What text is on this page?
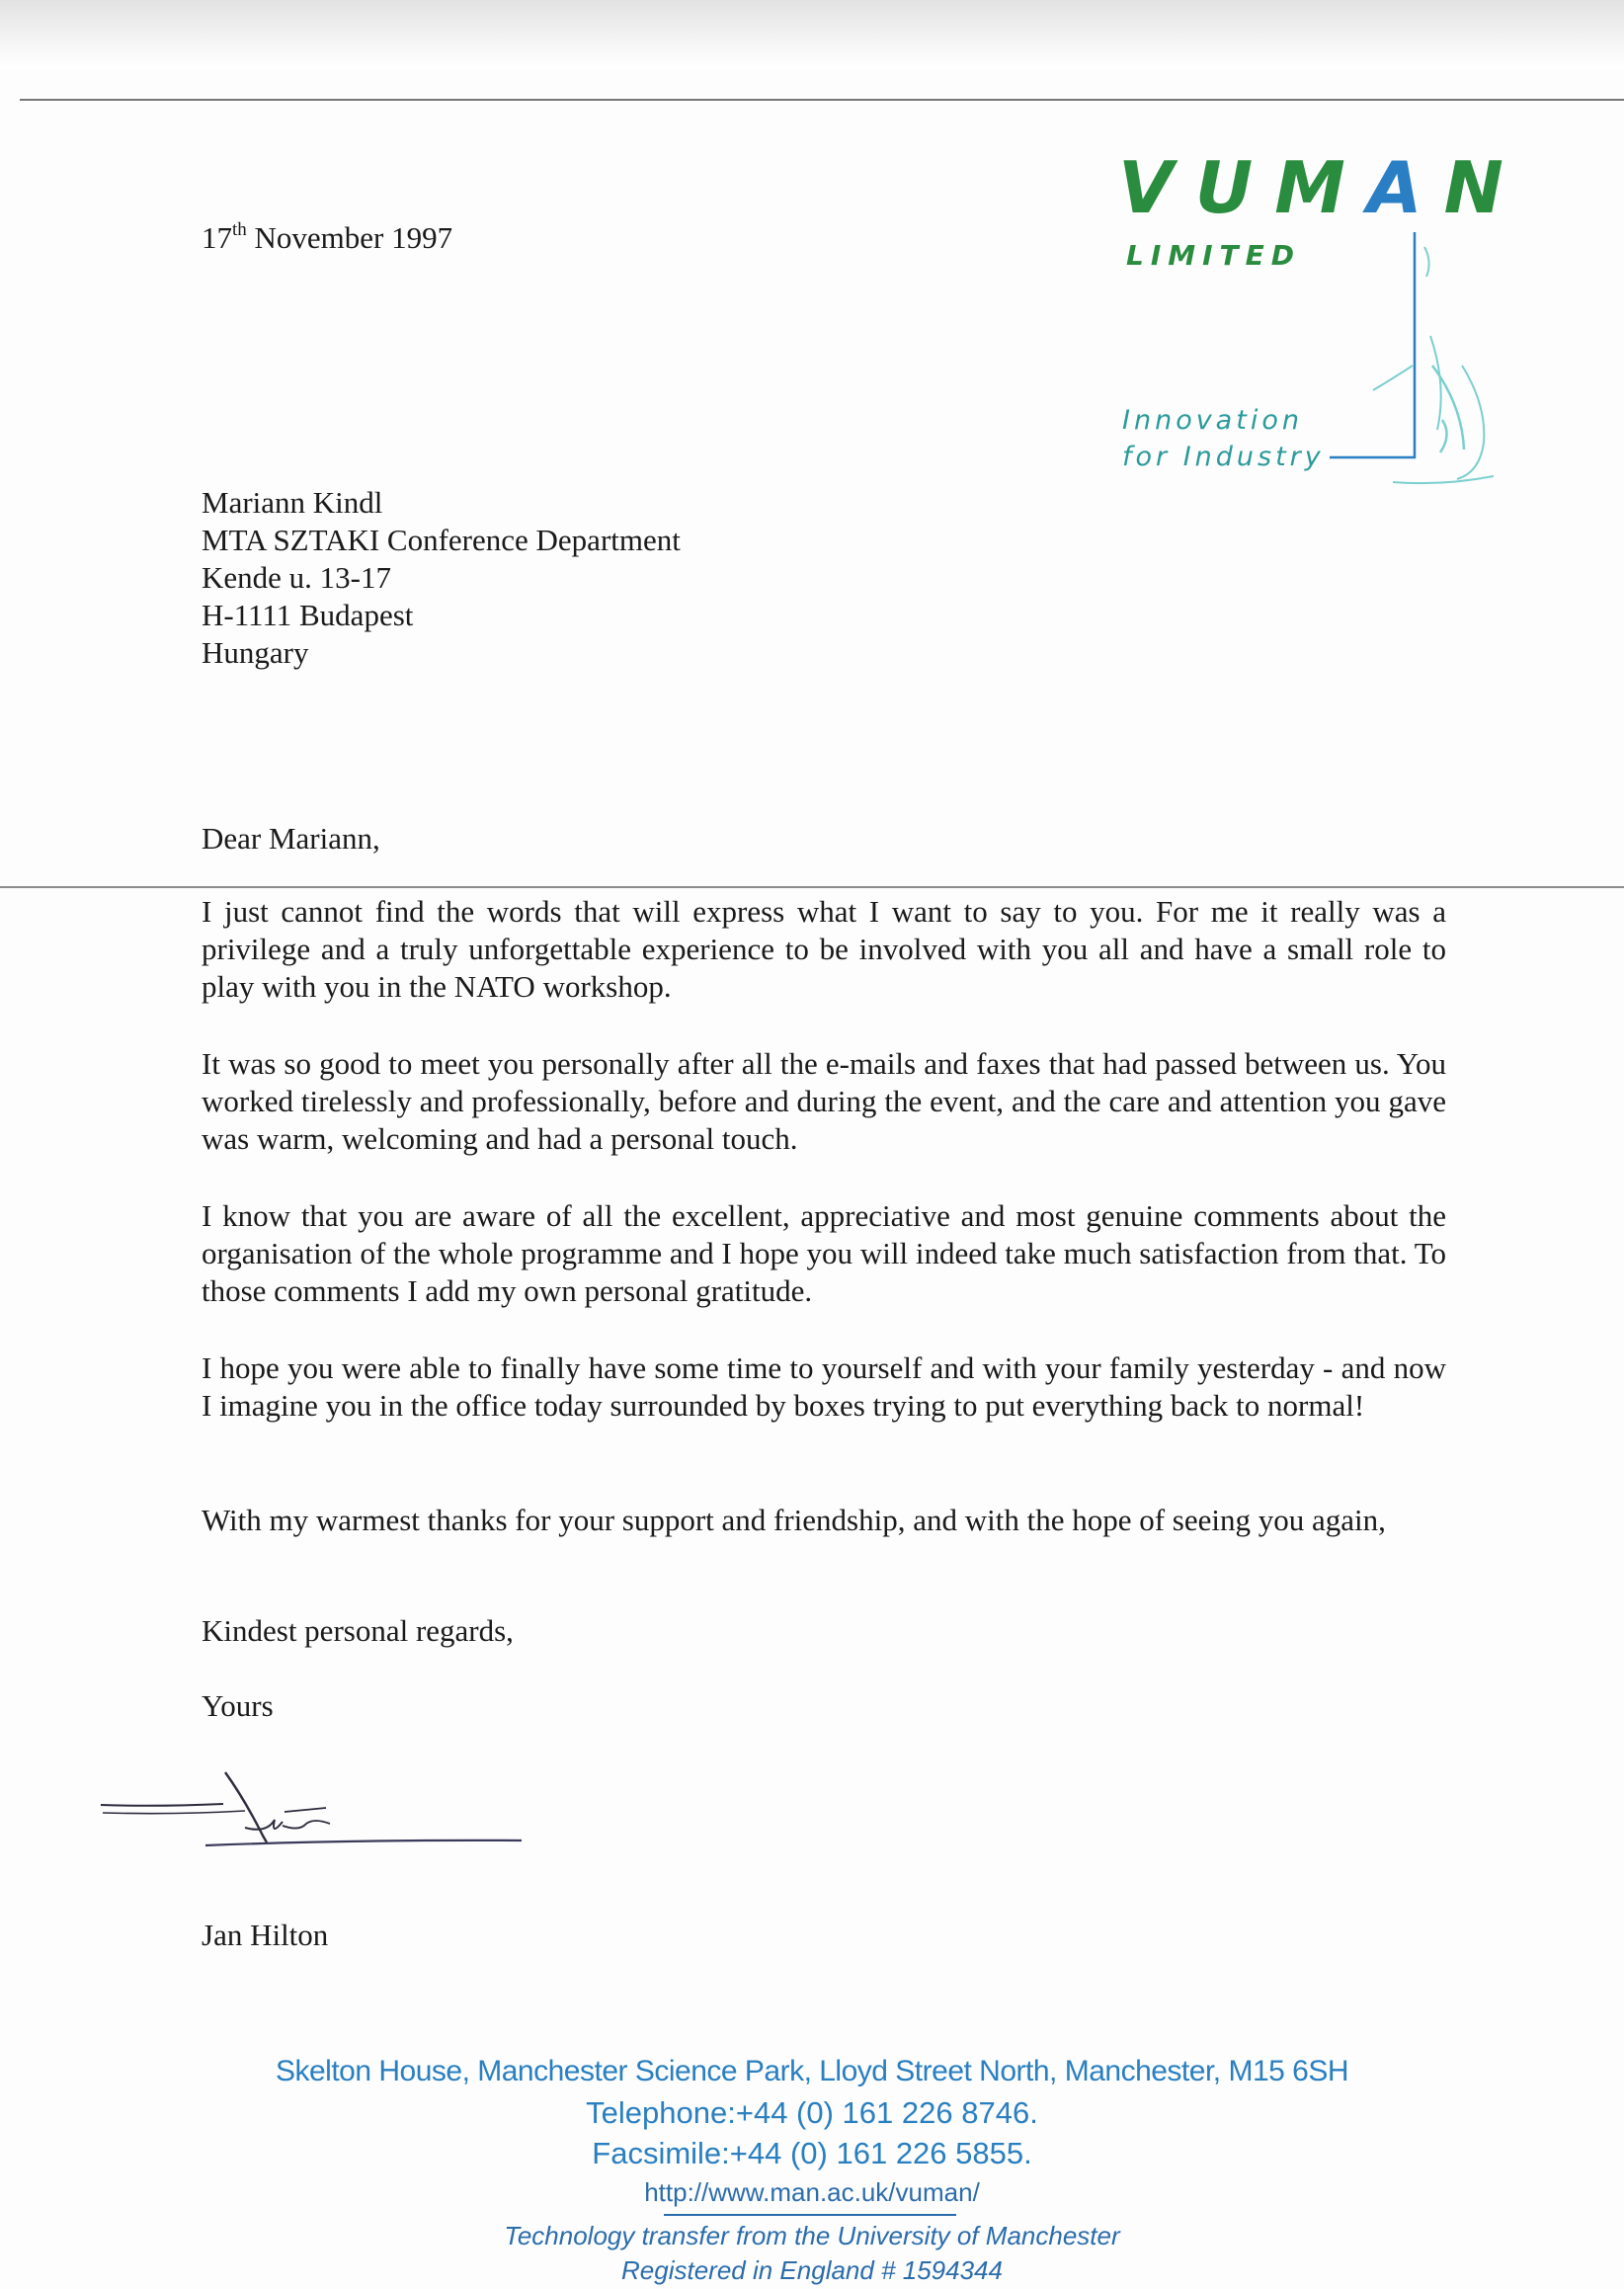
VUMAN
LIMITED
Innovation
for Industry
17th November 1997
Mariann Kindl
MTA SZTAKI Conference Department
Kende u. 13-17
H-1111 Budapest
Hungary
Dear Mariann,

I just cannot find the words that will express what I want to say to you. For me it really was a privilege and a truly unforgettable experience to be involved with you all and have a small role to play with you in the NATO workshop.

It was so good to meet you personally after all the e-mails and faxes that had passed between us. You worked tirelessly and professionally, before and during the event, and the care and attention you gave was warm, welcoming and had a personal touch.

I know that you are aware of all the excellent, appreciative and most genuine comments about the organisation of the whole programme and I hope you will indeed take much satisfaction from that. To those comments I add my own personal gratitude.

I hope you were able to finally have some time to yourself and with your family yesterday - and now I imagine you in the office today surrounded by boxes trying to put everything back to normal!

With my warmest thanks for your support and friendship, and with the hope of seeing you again,

Kindest personal regards,
Yours
Jan Hilton
Skelton House, Manchester Science Park, Lloyd Street North, Manchester, M15 6SH
Telephone:+44 (0) 161 226 8746.
Facsimile:+44 (0) 161 226 5855.
http://www.man.ac.uk/vuman/
Technology transfer from the University of Manchester
Registered in England # 1594344
